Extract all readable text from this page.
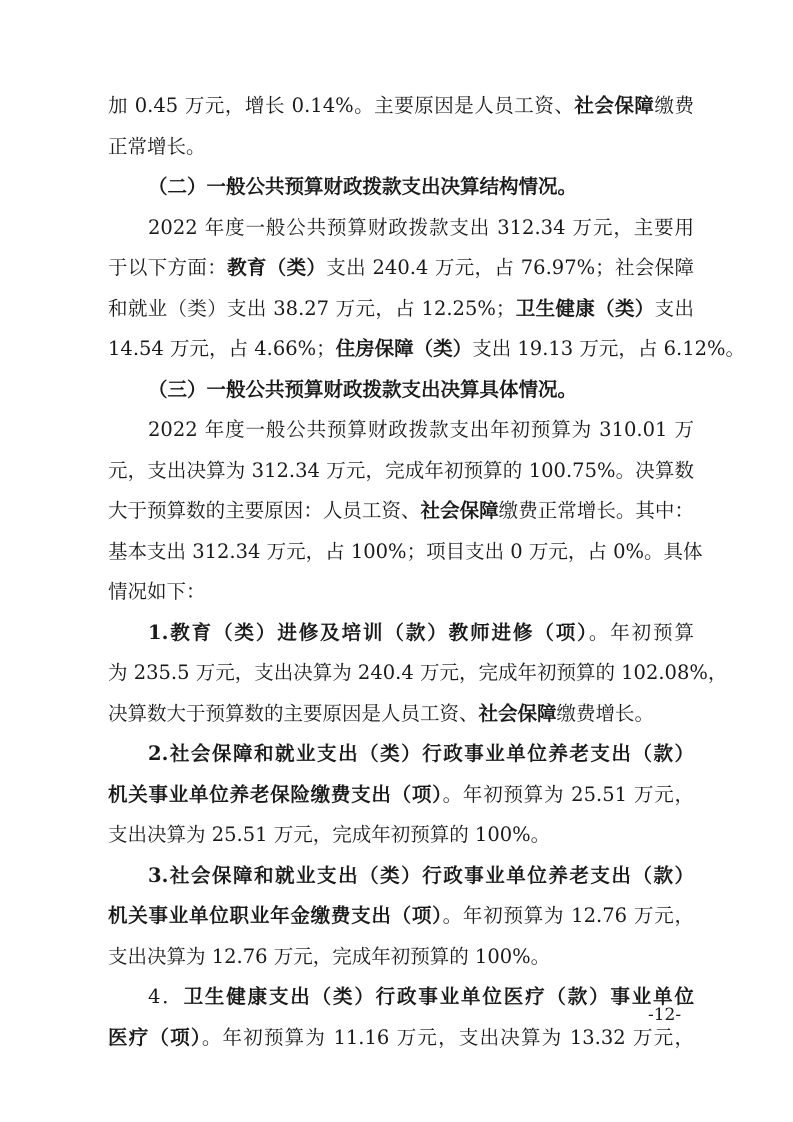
加 0.45 万元，增长 0.14%。主要原因是人员工资、社会保障缴费
正常增长。
（二）一般公共预算财政拨款支出决算结构情况。
2022 年度一般公共预算财政拨款支出 312.34 万元，主要用
于以下方面：教育（类）支出 240.4 万元，占 76.97%；社会保障
和就业（类）支出 38.27 万元，占 12.25%；卫生健康（类）支出
14.54 万元，占 4.66%；住房保障（类）支出 19.13 万元，占 6.12%。
（三）一般公共预算财政拨款支出决算具体情况。
2022 年度一般公共预算财政拨款支出年初预算为 310.01 万
元，支出决算为 312.34 万元，完成年初预算的 100.75%。决算数
大于预算数的主要原因：人员工资、社会保障缴费正常增长。其中：
基本支出 312.34 万元，占 100%；项目支出 0 万元，占 0%。具体
情况如下：
1.教育（类）进修及培训（款）教师进修（项）。年初预算
为 235.5 万元，支出决算为 240.4 万元，完成年初预算的 102.08%，
决算数大于预算数的主要原因是人员工资、社会保障缴费增长。
2.社会保障和就业支出（类）行政事业单位养老支出（款）
机关事业单位养老保险缴费支出（项）。年初预算为 25.51 万元，
支出决算为 25.51 万元，完成年初预算的 100%。
3.社会保障和就业支出（类）行政事业单位养老支出（款）
机关事业单位职业年金缴费支出（项）。年初预算为 12.76 万元，
支出决算为 12.76 万元，完成年初预算的 100%。
4．卫生健康支出（类）行政事业单位医疗（款）事业单位
医疗（项）。年初预算为 11.16 万元，支出决算为 13.32 万元，
-12-
